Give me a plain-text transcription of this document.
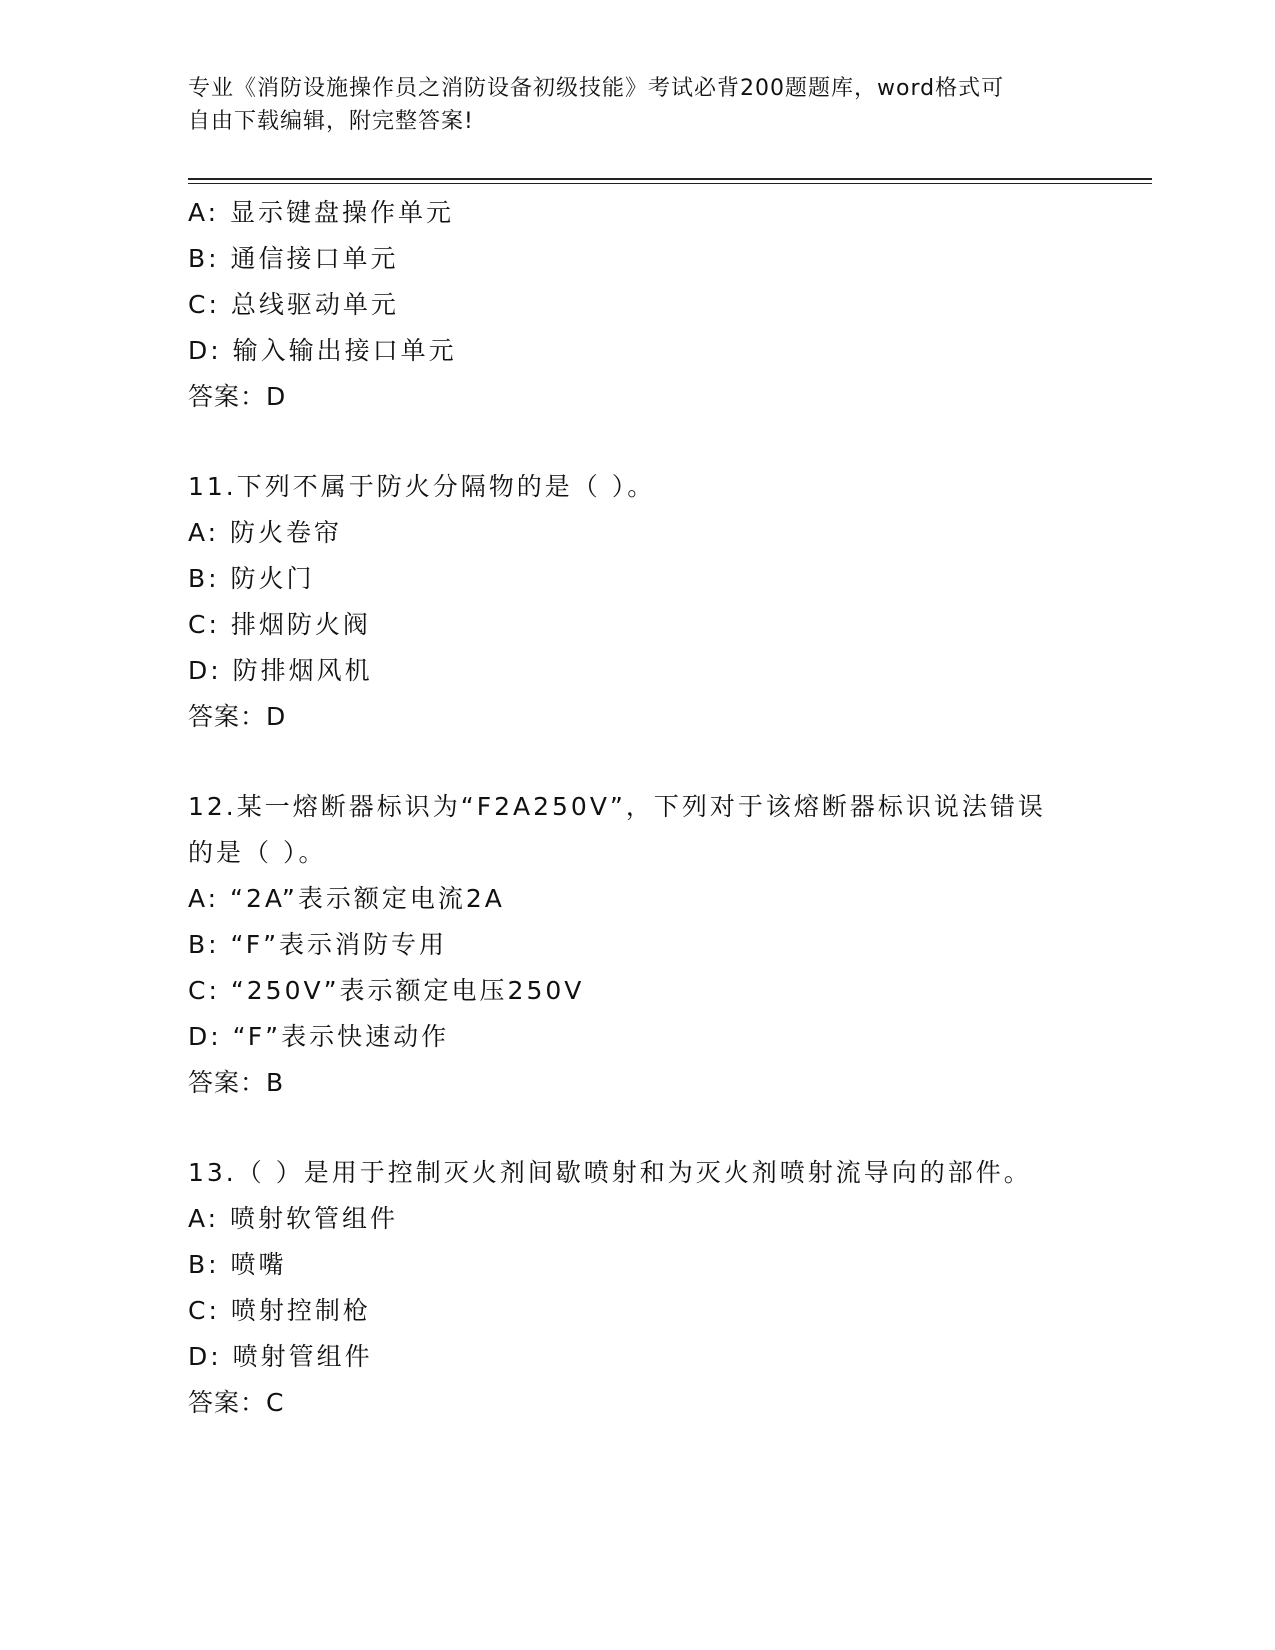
专业《消防设施操作员之消防设备初级技能》考试必背200题题库，word格式可
自由下载编辑，附完整答案!
A: 显示键盘操作单元
B: 通信接口单元
C: 总线驱动单元
D: 输入输出接口单元
答案：D
11.下列不属于防火分隔物的是（ ）。
A: 防火卷帘
B: 防火门
C: 排烟防火阀
D: 防排烟风机
答案：D
12.某一熔断器标识为“F2A250V”，下列对于该熔断器标识说法错误
的是（ ）。
A: “2A”表示额定电流2A
B: “F”表示消防专用
C: “250V”表示额定电压250V
D: “F”表示快速动作
答案：B
13.（ ）是用于控制灭火剂间歇喷射和为灭火剂喷射流导向的部件。
A: 喷射软管组件
B: 喷嘴
C: 喷射控制枪
D: 喷射管组件
答案：C
